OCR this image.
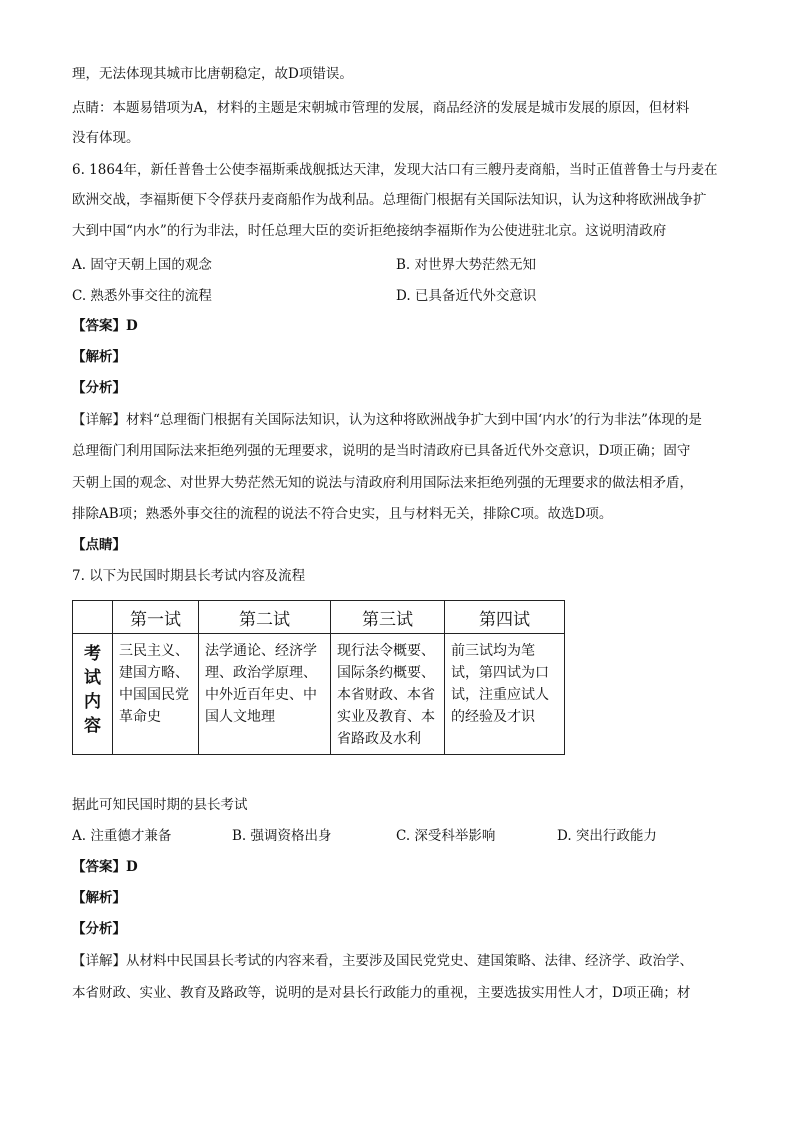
理，无法体现其城市比唐朝稳定，故D项错误。
点睛：本题易错项为A，材料的主题是宋朝城市管理的发展，商品经济的发展是城市发展的原因，但材料
没有体现。
6. 1864年，新任普鲁士公使李福斯乘战舰抵达天津，发现大沽口有三艘丹麦商船，当时正值普鲁士与丹麦在
欧洲交战，李福斯便下令俘获丹麦商船作为战利品。总理衙门根据有关国际法知识，认为这种将欧洲战争扩
大到中国“内水”的行为非法，时任总理大臣的奕䜣拒绝接纳李福斯作为公使进驻北京。这说明清政府
A. 固守天朝上国的观念	B. 对世界大势茫然无知
C. 熟悉外事交往的流程	D. 已具备近代外交意识
【答案】D
【解析】
【分析】
【详解】材料“总理衙门根据有关国际法知识，认为这种将欧洲战争扩大到中国‘内水’的行为非法”体现的是
总理衙门利用国际法来拒绝列强的无理要求，说明的是当时清政府已具备近代外交意识，D项正确；固守
天朝上国的观念、对世界大势茫然无知的说法与清政府利用国际法来拒绝列强的无理要求的做法相矛盾，
排除AB项；熟悉外事交往的流程的说法不符合史实，且与材料无关，排除C项。故选D项。
【点睛】
7. 以下为民国时期县长考试内容及流程
	第一试	第二试	第三试	第四试

考
试
内
容	三民主义、建国方略、中国国民党革命史	法学通论、经济学理、政治学原理、中外近百年史、中国人文地理	现行法令概要、国际条约概要、本省财政、本省实业及教育、本省路政及水利	前三试均为笔试，第四试为口试，注重应试人的经验及才识
据此可知民国时期的县长考试
A. 注重德才兼备	B. 强调资格出身	C. 深受科举影响	D. 突出行政能力
【答案】D
【解析】
【分析】
【详解】从材料中民国县长考试的内容来看，主要涉及国民党党史、建国策略、法律、经济学、政治学、
本省财政、实业、教育及路政等，说明的是对县长行政能力的重视，主要选拔实用性人才，D项正确；材
